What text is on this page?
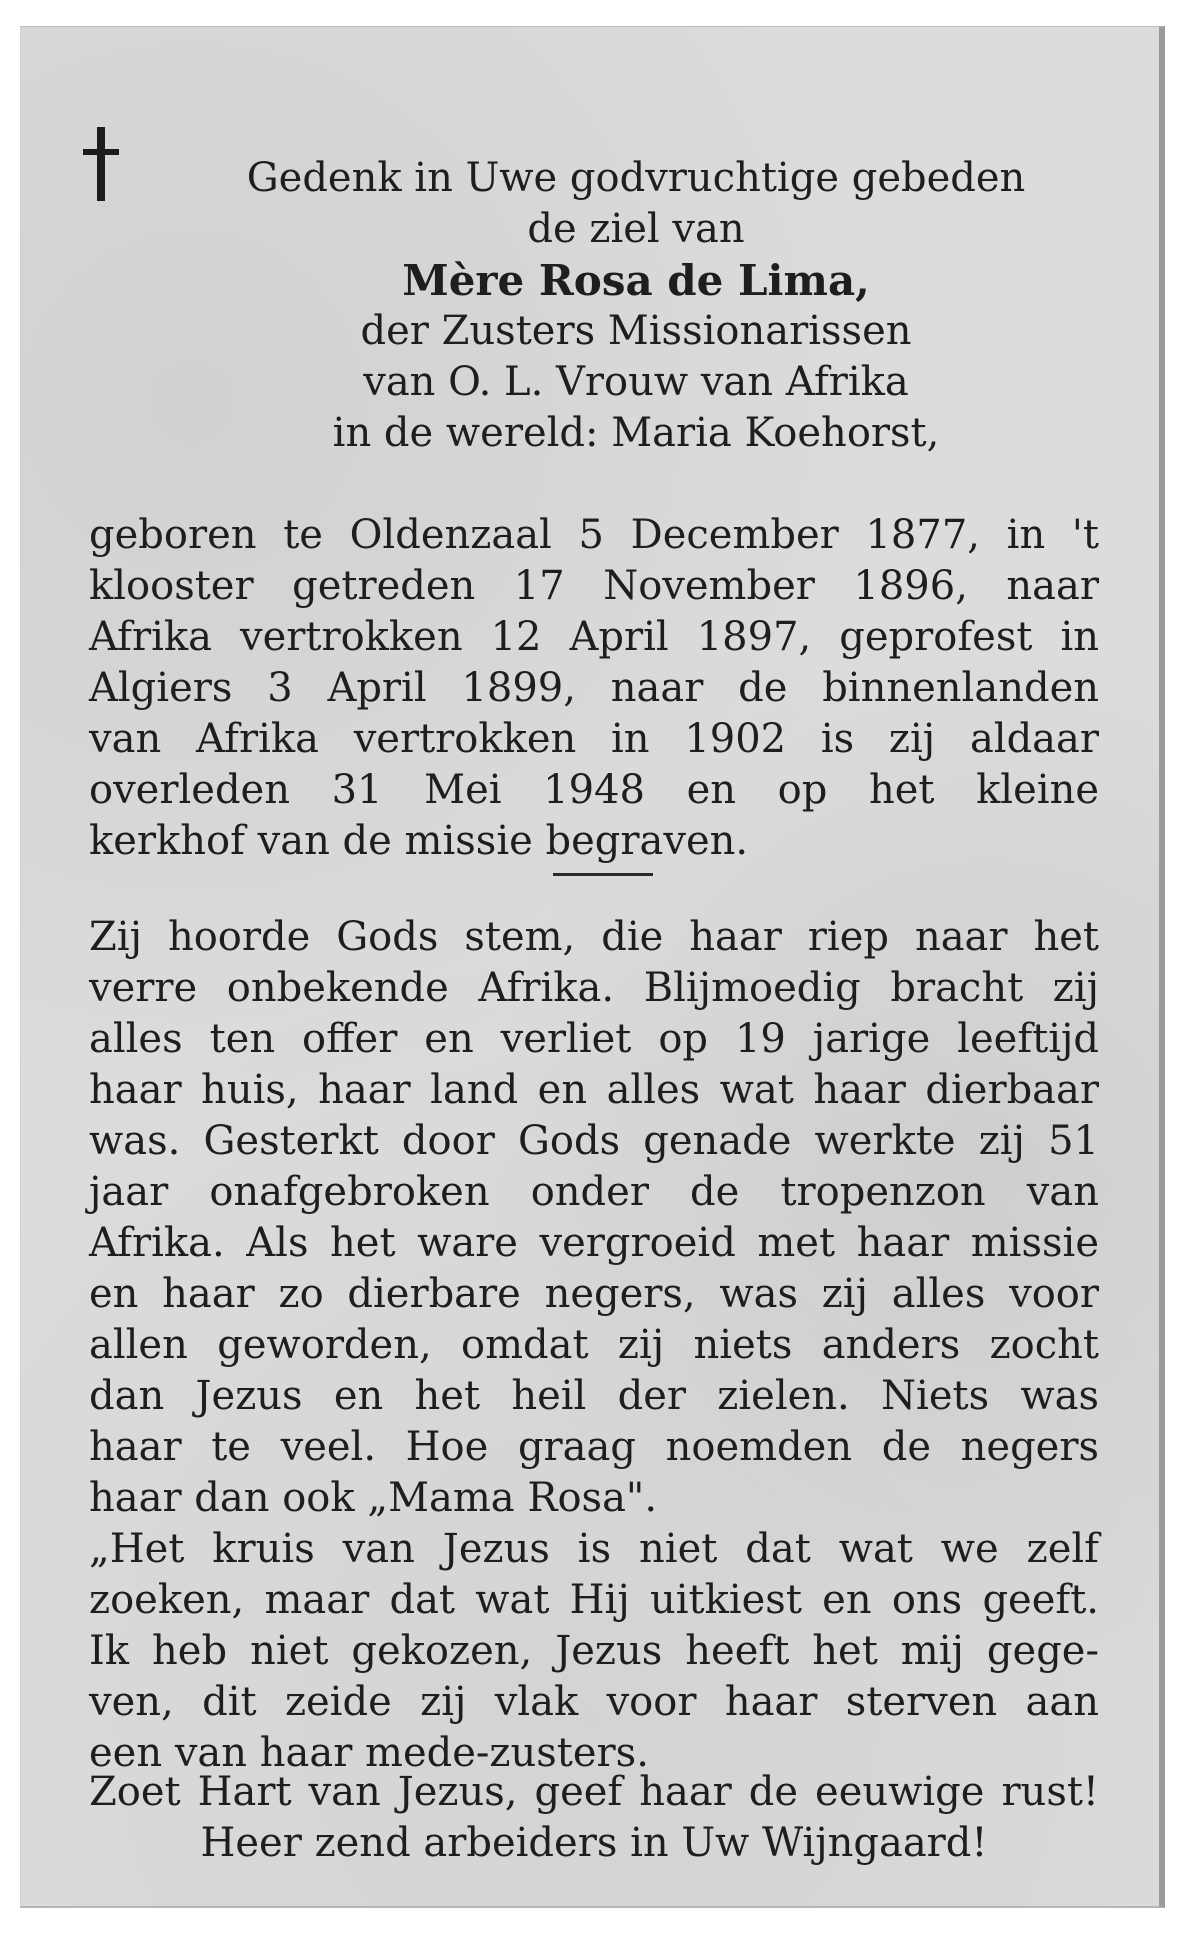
Gedenk in Uwe godvruchtige gebeden
de ziel van
Mère Rosa de Lima,
der Zusters Missionarissen
van O. L. Vrouw van Afrika
in de wereld: Maria Koehorst,
geboren te Oldenzaal 5 December 1877, in 't
klooster getreden 17 November 1896, naar
Afrika vertrokken 12 April 1897, geprofest in
Algiers 3 April 1899, naar de binnenlanden
van Afrika vertrokken in 1902 is zij aldaar
overleden 31 Mei 1948 en op het kleine
kerkhof van de missie begraven.
Zij hoorde Gods stem, die haar riep naar het
verre onbekende Afrika. Blijmoedig bracht zij
alles ten offer en verliet op 19 jarige leeftijd
haar huis, haar land en alles wat haar dierbaar
was. Gesterkt door Gods genade werkte zij 51
jaar onafgebroken onder de tropenzon van
Afrika. Als het ware vergroeid met haar missie
en haar zo dierbare negers, was zij alles voor
allen geworden, omdat zij niets anders zocht
dan Jezus en het heil der zielen. Niets was
haar te veel. Hoe graag noemden de negers
haar dan ook „Mama Rosa".
„Het kruis van Jezus is niet dat wat we zelf
zoeken, maar dat wat Hij uitkiest en ons geeft.
Ik heb niet gekozen, Jezus heeft het mij gege-
ven, dit zeide zij vlak voor haar sterven aan
een van haar mede-zusters.
Zoet Hart van Jezus, geef haar de eeuwige rust!
Heer zend arbeiders in Uw Wijngaard!
